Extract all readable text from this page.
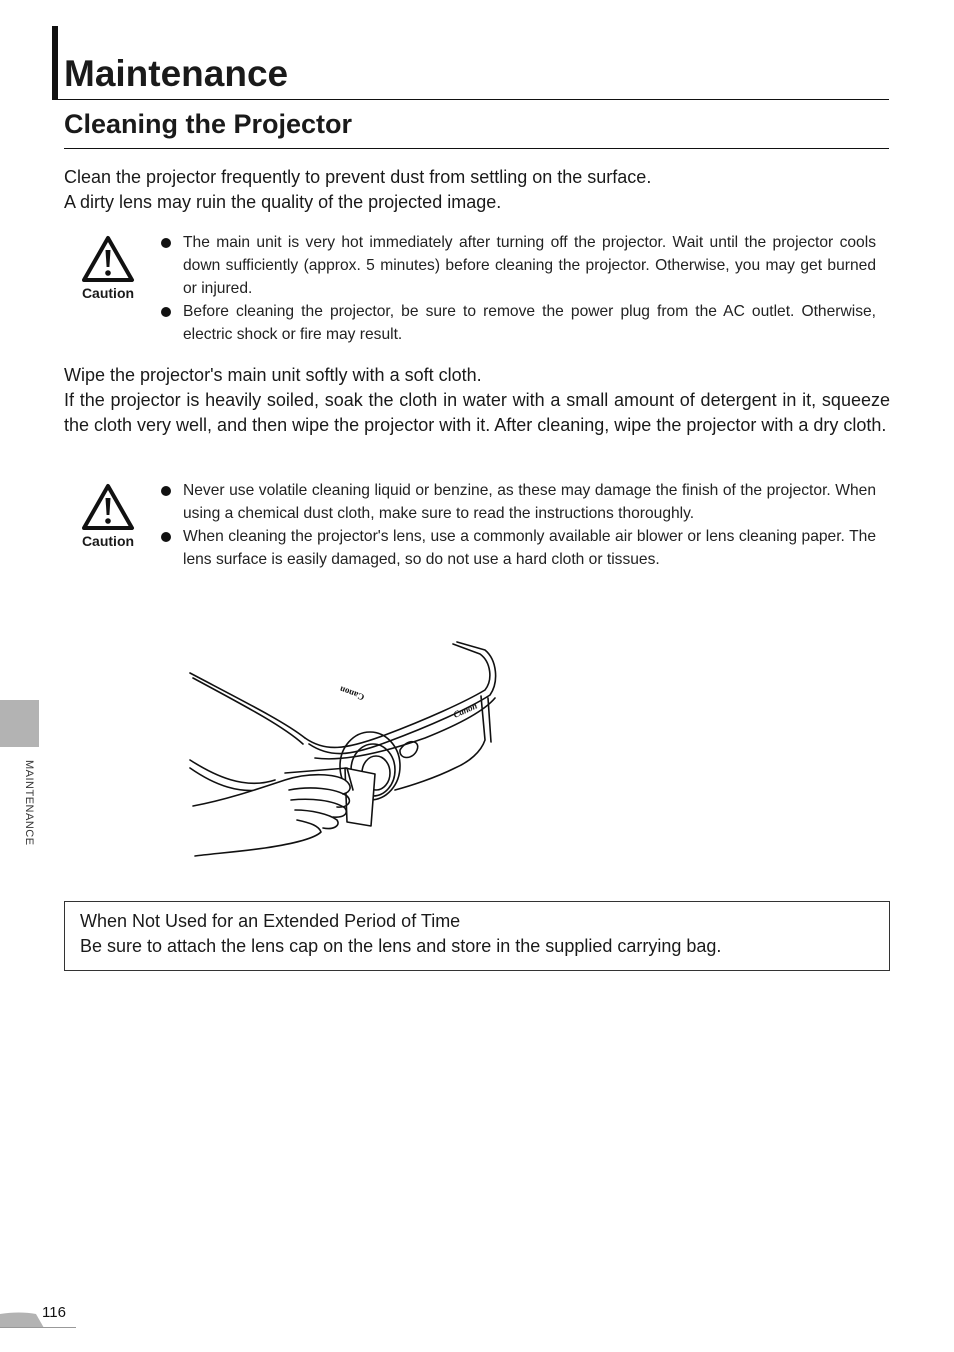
Maintenance
Cleaning the Projector

Clean the projector frequently to prevent dust from settling on the surface.
A dirty lens may ruin the quality of the projected image.

Caution
The main unit is very hot immediately after turning off the projector. Wait until the projector cools down sufficiently (approx. 5 minutes) before cleaning the projector. Otherwise, you may get burned or injured.
Before cleaning the projector, be sure to remove the power plug from the AC outlet. Otherwise, electric shock or fire may result.

Wipe the projector's main unit softly with a soft cloth.
If the projector is heavily soiled, soak the cloth in water with a small amount of detergent in it, squeeze the cloth very well, and then wipe the projector with it. After cleaning, wipe the projector with a dry cloth.

Caution
Never use volatile cleaning liquid or benzine, as these may damage the finish of the projector. When using a chemical dust cloth, make sure to read the instructions thoroughly.
When cleaning the projector's lens, use a commonly available air blower or lens cleaning paper. The lens surface is easily damaged, so do not use a hard cloth or tissues.
Canon
Canon
When Not Used for an Extended Period of Time
Be sure to attach the lens cap on the lens and store in the supplied carrying bag.
MAINTENANCE
116
